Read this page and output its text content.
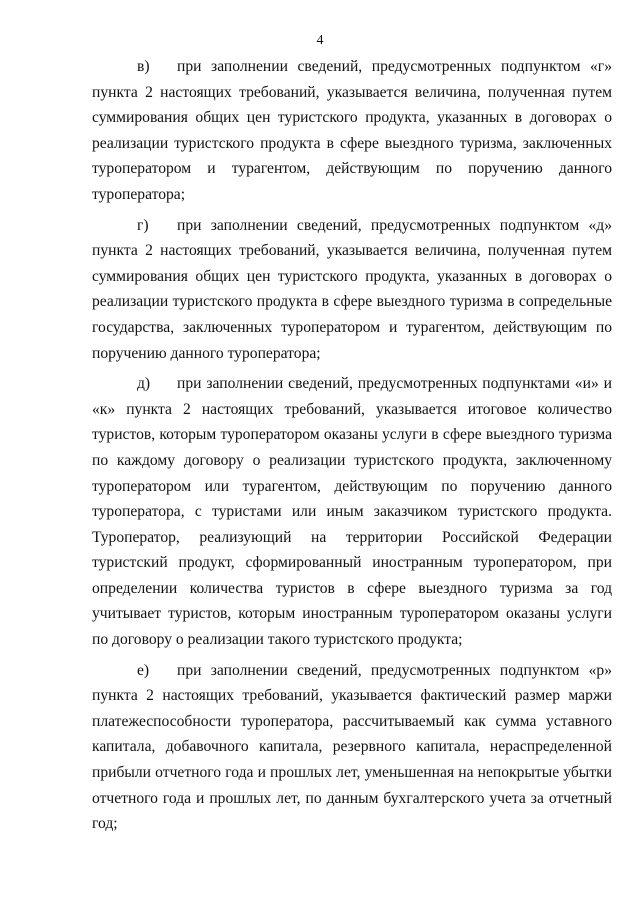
4

в) при заполнении сведений, предусмотренных подпунктом «г» пункта 2 настоящих требований, указывается величина, полученная путем суммирования общих цен туристского продукта, указанных в договорах о реализации туристского продукта в сфере выездного туризма, заключенных туроператором и турагентом, действующим по поручению данного туроператора;

г) при заполнении сведений, предусмотренных подпунктом «д» пункта 2 настоящих требований, указывается величина, полученная путем суммирования общих цен туристского продукта, указанных в договорах о реализации туристского продукта в сфере выездного туризма в сопредельные государства, заключенных туроператором и турагентом, действующим по поручению данного туроператора;

д) при заполнении сведений, предусмотренных подпунктами «и» и «к» пункта 2 настоящих требований, указывается итоговое количество туристов, которым туроператором оказаны услуги в сфере выездного туризма по каждому договору о реализации туристского продукта, заключенному туроператором или турагентом, действующим по поручению данного туроператора, с туристами или иным заказчиком туристского продукта. Туроператор, реализующий на территории Российской Федерации туристский продукт, сформированный иностранным туроператором, при определении количества туристов в сфере выездного туризма за год учитывает туристов, которым иностранным туроператором оказаны услуги по договору о реализации такого туристского продукта;

е) при заполнении сведений, предусмотренных подпунктом «р» пункта 2 настоящих требований, указывается фактический размер маржи платежеспособности туроператора, рассчитываемый как сумма уставного капитала, добавочного капитала, резервного капитала, нераспределенной прибыли отчетного года и прошлых лет, уменьшенная на непокрытые убытки отчетного года и прошлых лет, по данным бухгалтерского учета за отчетный год;
